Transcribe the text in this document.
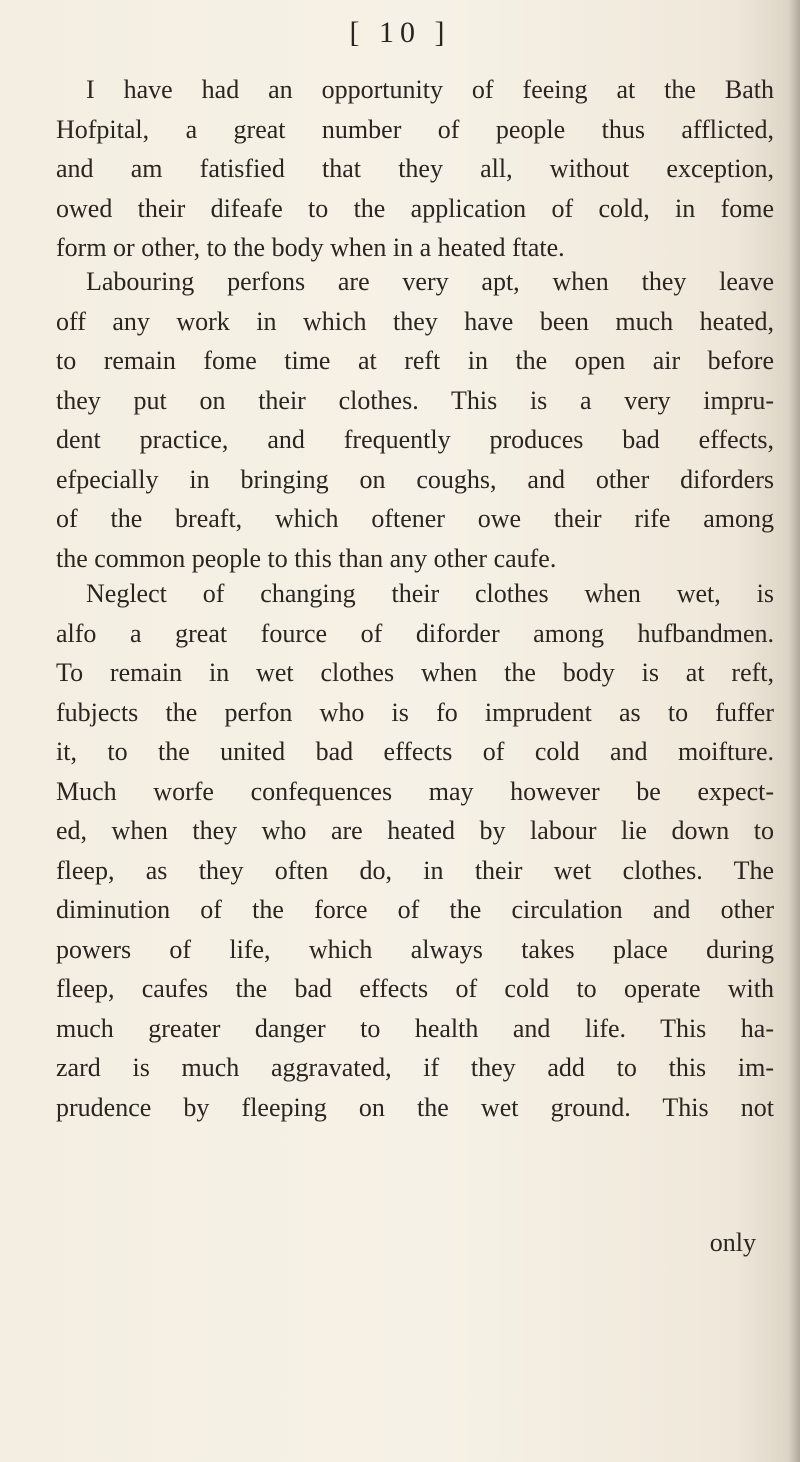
[ 10 ]
I have had an opportunity of feeing at the Bath
Hofpital, a great number of people thus afflicted,
and am fatisfied that they all, without exception,
owed their difeafe to the application of cold, in fome
form or other, to the body when in a heated ftate.
Labouring perfons are very apt, when they leave
off any work in which they have been much heated,
to remain fome time at reft in the open air before
they put on their clothes. This is a very impru-
dent practice, and frequently produces bad effects,
efpecially in bringing on coughs, and other diforders
of the breaft, which oftener owe their rife among
the common people to this than any other caufe.
Neglect of changing their clothes when wet, is
alfo a great fource of diforder among hufbandmen.
To remain in wet clothes when the body is at reft,
fubjects the perfon who is fo imprudent as to fuffer
it, to the united bad effects of cold and moifture.
Much worfe confequences may however be expect-
ed, when they who are heated by labour lie down to
fleep, as they often do, in their wet clothes. The
diminution of the force of the circulation and other
powers of life, which always takes place during
fleep, caufes the bad effects of cold to operate with
much greater danger to health and life. This ha-
zard is much aggravated, if they add to this im-
prudence by fleeping on the wet ground. This not
only
